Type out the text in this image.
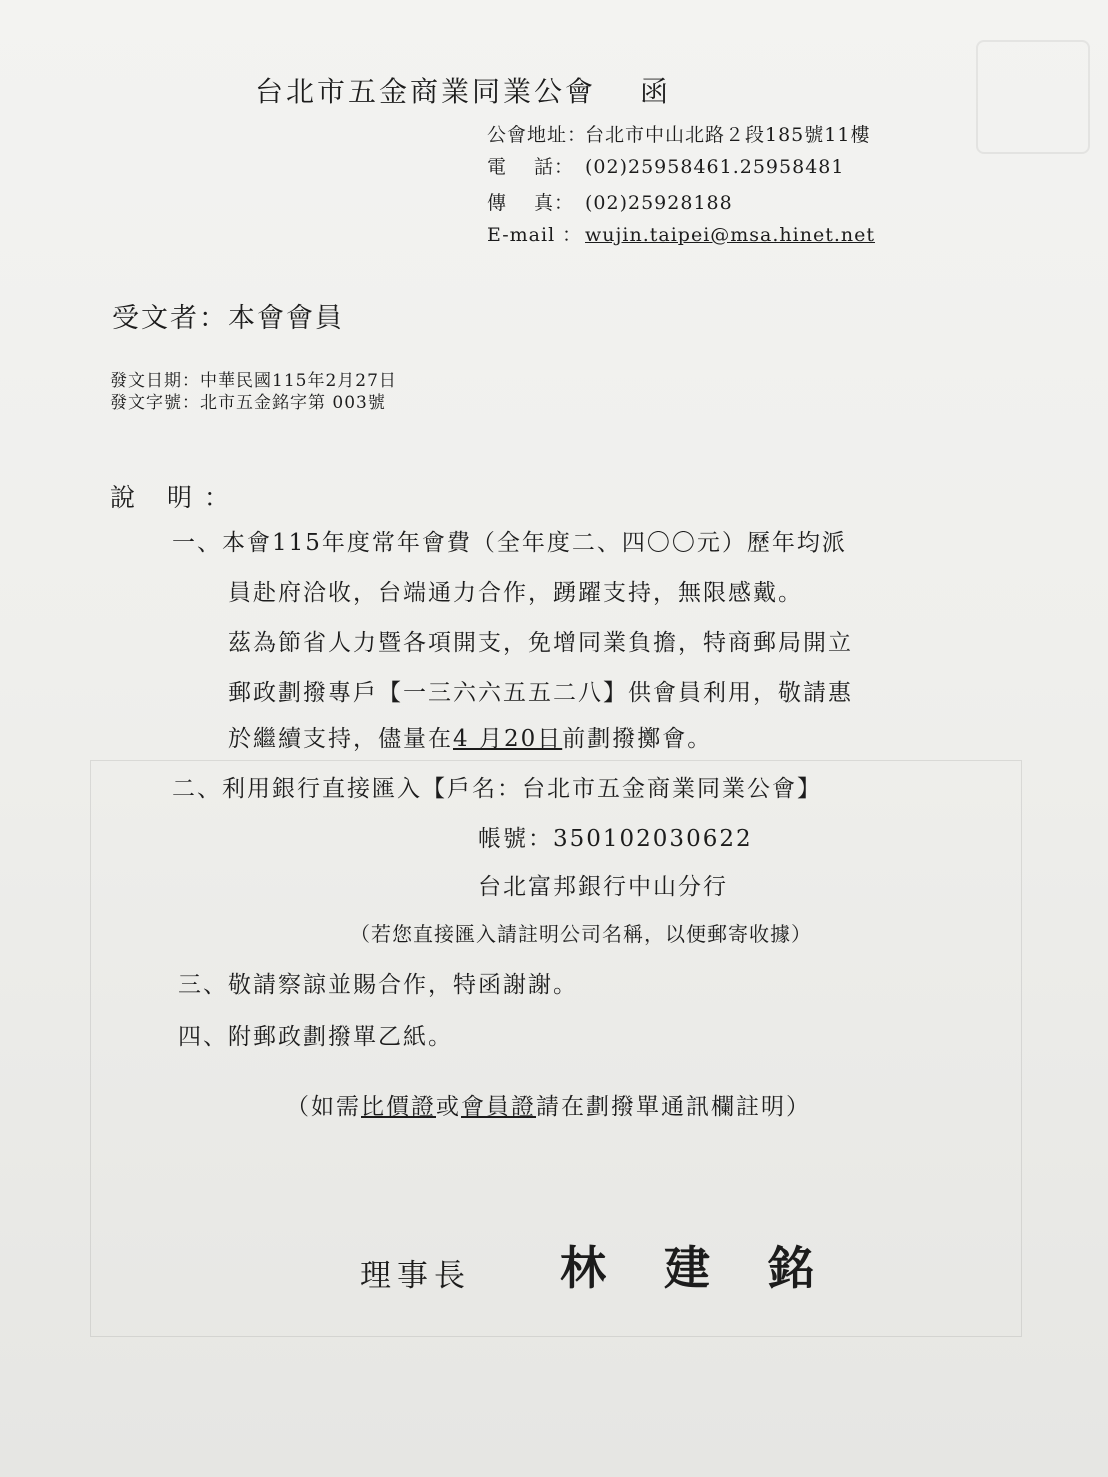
台北市五金商業同業公會 函
公會地址：台北市中山北路２段185號11樓
電　 話： (02)25958461.25958481
傳　 真： (02)25928188
E-mail ： wujin.taipei@msa.hinet.net
受文者：本會會員
發文日期：中華民國115年2月27日
發文字號：北市五金銘字第 003號
說 明：
一、本會115年度常年會費（全年度二、四〇〇元）歷年均派
員赴府洽收，台端通力合作，踴躍支持，無限感戴。
茲為節省人力暨各項開支，免增同業負擔，特商郵局開立
郵政劃撥專戶【一三六六五五二八】供會員利用，敬請惠
於繼續支持，儘量在4 月20日前劃撥擲會。
二、利用銀行直接匯入【戶名：台北市五金商業同業公會】
帳號：350102030622
台北富邦銀行中山分行
（若您直接匯入請註明公司名稱，以便郵寄收據）
三、敬請察諒並賜合作，特函謝謝。
四、附郵政劃撥單乙紙。
（如需比價證或會員證請在劃撥單通訊欄註明）
理事長 林建銘
